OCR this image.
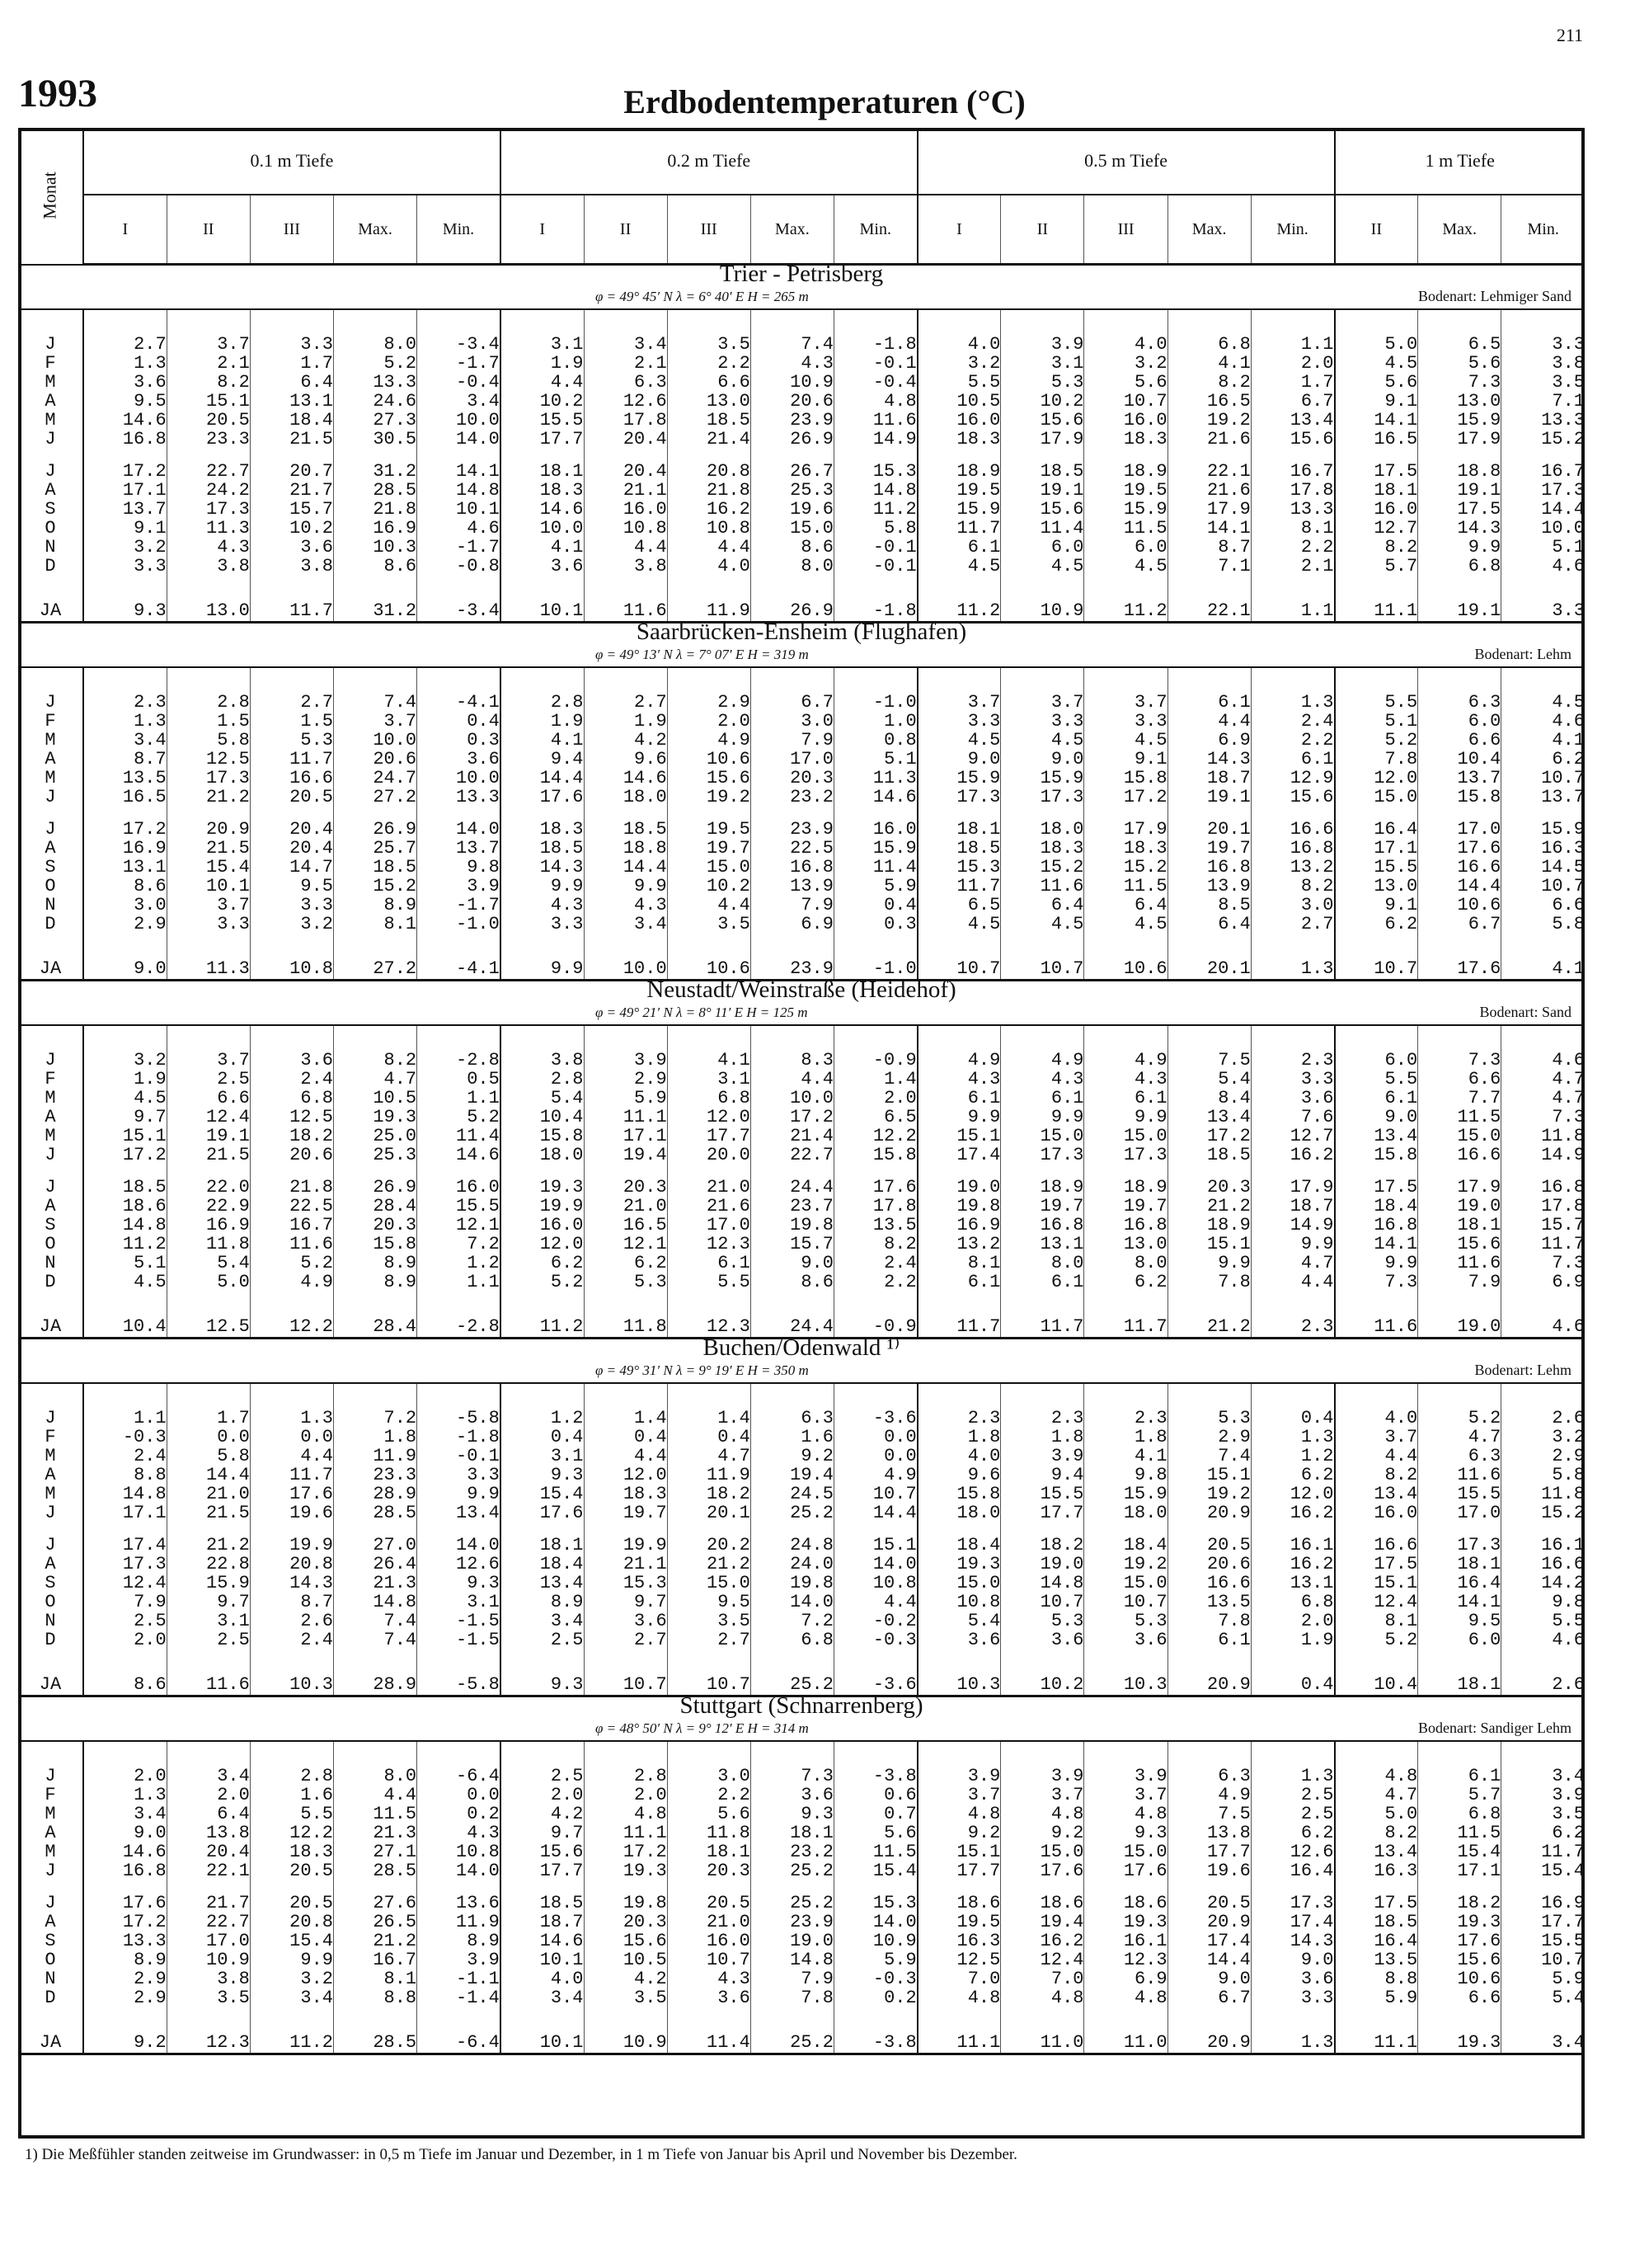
211
1993	Erdbodentemperaturen (°C)
Monat	0.1 m Tiefe					0.2 m Tiefe					0.5 m Tiefe					1 m Tiefe		
	I	II	III	Max.	Min.	I	II	III	Max.	Min.	I	II	III	Max.	Min.	II	Max.	Min.
Trier - Petrisberg																		

φ = 49° 45′ N λ = 6° 40′ E H = 265 m Bodenart: Lehmiger Sand																		

J	2.7	3.7	3.3	8.0	-3.4	3.1	3.4	3.5	7.4	-1.8	4.0	3.9	4.0	6.8	1.1	5.0	6.5	3.3
F	1.3	2.1	1.7	5.2	-1.7	1.9	2.1	2.2	4.3	-0.1	3.2	3.1	3.2	4.1	2.0	4.5	5.6	3.8
M	3.6	8.2	6.4	13.3	-0.4	4.4	6.3	6.6	10.9	-0.4	5.5	5.3	5.6	8.2	1.7	5.6	7.3	3.5
A	9.5	15.1	13.1	24.6	3.4	10.2	12.6	13.0	20.6	4.8	10.5	10.2	10.7	16.5	6.7	9.1	13.0	7.1
M	14.6	20.5	18.4	27.3	10.0	15.5	17.8	18.5	23.9	11.6	16.0	15.6	16.0	19.2	13.4	14.1	15.9	13.3
J	16.8	23.3	21.5	30.5	14.0	17.7	20.4	21.4	26.9	14.9	18.3	17.9	18.3	21.6	15.6	16.5	17.9	15.2

J	17.2	22.7	20.7	31.2	14.1	18.1	20.4	20.8	26.7	15.3	18.9	18.5	18.9	22.1	16.7	17.5	18.8	16.7
A	17.1	24.2	21.7	28.5	14.8	18.3	21.1	21.8	25.3	14.8	19.5	19.1	19.5	21.6	17.8	18.1	19.1	17.3
S	13.7	17.3	15.7	21.8	10.1	14.6	16.0	16.2	19.6	11.2	15.9	15.6	15.9	17.9	13.3	16.0	17.5	14.4
O	9.1	11.3	10.2	16.9	4.6	10.0	10.8	10.8	15.0	5.8	11.7	11.4	11.5	14.1	8.1	12.7	14.3	10.0
N	3.2	4.3	3.6	10.3	-1.7	4.1	4.4	4.4	8.6	-0.1	6.1	6.0	6.0	8.7	2.2	8.2	9.9	5.1
D	3.3	3.8	3.8	8.6	-0.8	3.6	3.8	4.0	8.0	-0.1	4.5	4.5	4.5	7.1	2.1	5.7	6.8	4.6
JA	9.3	13.0	11.7	31.2	-3.4	10.1	11.6	11.9	26.9	-1.8	11.2	10.9	11.2	22.1	1.1	11.1	19.1	3.3
Saarbrücken-Ensheim (Flughafen)																		

φ = 49° 13′ N λ = 7° 07′ E H = 319 m Bodenart: Lehm																		

J	2.3	2.8	2.7	7.4	-4.1	2.8	2.7	2.9	6.7	-1.0	3.7	3.7	3.7	6.1	1.3	5.5	6.3	4.5
F	1.3	1.5	1.5	3.7	0.4	1.9	1.9	2.0	3.0	1.0	3.3	3.3	3.3	4.4	2.4	5.1	6.0	4.6
M	3.4	5.8	5.3	10.0	0.3	4.1	4.2	4.9	7.9	0.8	4.5	4.5	4.5	6.9	2.2	5.2	6.6	4.1
A	8.7	12.5	11.7	20.6	3.6	9.4	9.6	10.6	17.0	5.1	9.0	9.0	9.1	14.3	6.1	7.8	10.4	6.2
M	13.5	17.3	16.6	24.7	10.0	14.4	14.6	15.6	20.3	11.3	15.9	15.9	15.8	18.7	12.9	12.0	13.7	10.7
J	16.5	21.2	20.5	27.2	13.3	17.6	18.0	19.2	23.2	14.6	17.3	17.3	17.2	19.1	15.6	15.0	15.8	13.7

J	17.2	20.9	20.4	26.9	14.0	18.3	18.5	19.5	23.9	16.0	18.1	18.0	17.9	20.1	16.6	16.4	17.0	15.9
A	16.9	21.5	20.4	25.7	13.7	18.5	18.8	19.7	22.5	15.9	18.5	18.3	18.3	19.7	16.8	17.1	17.6	16.3
S	13.1	15.4	14.7	18.5	9.8	14.3	14.4	15.0	16.8	11.4	15.3	15.2	15.2	16.8	13.2	15.5	16.6	14.5
O	8.6	10.1	9.5	15.2	3.9	9.9	9.9	10.2	13.9	5.9	11.7	11.6	11.5	13.9	8.2	13.0	14.4	10.7
N	3.0	3.7	3.3	8.9	-1.7	4.3	4.3	4.4	7.9	0.4	6.5	6.4	6.4	8.5	3.0	9.1	10.6	6.6
D	2.9	3.3	3.2	8.1	-1.0	3.3	3.4	3.5	6.9	0.3	4.5	4.5	4.5	6.4	2.7	6.2	6.7	5.8
JA	9.0	11.3	10.8	27.2	-4.1	9.9	10.0	10.6	23.9	-1.0	10.7	10.7	10.6	20.1	1.3	10.7	17.6	4.1
Neustadt/Weinstraße (Heidehof)																		

φ = 49° 21′ N λ = 8° 11′ E H = 125 m Bodenart: Sand																		

J	3.2	3.7	3.6	8.2	-2.8	3.8	3.9	4.1	8.3	-0.9	4.9	4.9	4.9	7.5	2.3	6.0	7.3	4.6
F	1.9	2.5	2.4	4.7	0.5	2.8	2.9	3.1	4.4	1.4	4.3	4.3	4.3	5.4	3.3	5.5	6.6	4.7
M	4.5	6.6	6.8	10.5	1.1	5.4	5.9	6.8	10.0	2.0	6.1	6.1	6.1	8.4	3.6	6.1	7.7	4.7
A	9.7	12.4	12.5	19.3	5.2	10.4	11.1	12.0	17.2	6.5	9.9	9.9	9.9	13.4	7.6	9.0	11.5	7.3
M	15.1	19.1	18.2	25.0	11.4	15.8	17.1	17.7	21.4	12.2	15.1	15.0	15.0	17.2	12.7	13.4	15.0	11.8
J	17.2	21.5	20.6	25.3	14.6	18.0	19.4	20.0	22.7	15.8	17.4	17.3	17.3	18.5	16.2	15.8	16.6	14.9

J	18.5	22.0	21.8	26.9	16.0	19.3	20.3	21.0	24.4	17.6	19.0	18.9	18.9	20.3	17.9	17.5	17.9	16.8
A	18.6	22.9	22.5	28.4	15.5	19.9	21.0	21.6	23.7	17.8	19.8	19.7	19.7	21.2	18.7	18.4	19.0	17.8
S	14.8	16.9	16.7	20.3	12.1	16.0	16.5	17.0	19.8	13.5	16.9	16.8	16.8	18.9	14.9	16.8	18.1	15.7
O	11.2	11.8	11.6	15.8	7.2	12.0	12.1	12.3	15.7	8.2	13.2	13.1	13.0	15.1	9.9	14.1	15.6	11.7
N	5.1	5.4	5.2	8.9	1.2	6.2	6.2	6.1	9.0	2.4	8.1	8.0	8.0	9.9	4.7	9.9	11.6	7.3
D	4.5	5.0	4.9	8.9	1.1	5.2	5.3	5.5	8.6	2.2	6.1	6.1	6.2	7.8	4.4	7.3	7.9	6.9
JA	10.4	12.5	12.2	28.4	-2.8	11.2	11.8	12.3	24.4	-0.9	11.7	11.7	11.7	21.2	2.3	11.6	19.0	4.6
Buchen/Odenwald ¹⁾																		

φ = 49° 31′ N λ = 9° 19′ E H = 350 m Bodenart: Lehm																		

J	1.1	1.7	1.3	7.2	-5.8	1.2	1.4	1.4	6.3	-3.6	2.3	2.3	2.3	5.3	0.4	4.0	5.2	2.6
F	-0.3	0.0	0.0	1.8	-1.8	0.4	0.4	0.4	1.6	0.0	1.8	1.8	1.8	2.9	1.3	3.7	4.7	3.2
M	2.4	5.8	4.4	11.9	-0.1	3.1	4.4	4.7	9.2	0.0	4.0	3.9	4.1	7.4	1.2	4.4	6.3	2.9
A	8.8	14.4	11.7	23.3	3.3	9.3	12.0	11.9	19.4	4.9	9.6	9.4	9.8	15.1	6.2	8.2	11.6	5.8
M	14.8	21.0	17.6	28.9	9.9	15.4	18.3	18.2	24.5	10.7	15.8	15.5	15.9	19.2	12.0	13.4	15.5	11.8
J	17.1	21.5	19.6	28.5	13.4	17.6	19.7	20.1	25.2	14.4	18.0	17.7	18.0	20.9	16.2	16.0	17.0	15.2

J	17.4	21.2	19.9	27.0	14.0	18.1	19.9	20.2	24.8	15.1	18.4	18.2	18.4	20.5	16.1	16.6	17.3	16.1
A	17.3	22.8	20.8	26.4	12.6	18.4	21.1	21.2	24.0	14.0	19.3	19.0	19.2	20.6	16.2	17.5	18.1	16.6
S	12.4	15.9	14.3	21.3	9.3	13.4	15.3	15.0	19.8	10.8	15.0	14.8	15.0	16.6	13.1	15.1	16.4	14.2
O	7.9	9.7	8.7	14.8	3.1	8.9	9.7	9.5	14.0	4.4	10.8	10.7	10.7	13.5	6.8	12.4	14.1	9.8
N	2.5	3.1	2.6	7.4	-1.5	3.4	3.6	3.5	7.2	-0.2	5.4	5.3	5.3	7.8	2.0	8.1	9.5	5.5
D	2.0	2.5	2.4	7.4	-1.5	2.5	2.7	2.7	6.8	-0.3	3.6	3.6	3.6	6.1	1.9	5.2	6.0	4.6
JA	8.6	11.6	10.3	28.9	-5.8	9.3	10.7	10.7	25.2	-3.6	10.3	10.2	10.3	20.9	0.4	10.4	18.1	2.6
Stuttgart (Schnarrenberg)																		

φ = 48° 50′ N λ = 9° 12′ E H = 314 m Bodenart: Sandiger Lehm																		

J	2.0	3.4	2.8	8.0	-6.4	2.5	2.8	3.0	7.3	-3.8	3.9	3.9	3.9	6.3	1.3	4.8	6.1	3.4
F	1.3	2.0	1.6	4.4	0.0	2.0	2.0	2.2	3.6	0.6	3.7	3.7	3.7	4.9	2.5	4.7	5.7	3.9
M	3.4	6.4	5.5	11.5	0.2	4.2	4.8	5.6	9.3	0.7	4.8	4.8	4.8	7.5	2.5	5.0	6.8	3.5
A	9.0	13.8	12.2	21.3	4.3	9.7	11.1	11.8	18.1	5.6	9.2	9.2	9.3	13.8	6.2	8.2	11.5	6.2
M	14.6	20.4	18.3	27.1	10.8	15.6	17.2	18.1	23.2	11.5	15.1	15.0	15.0	17.7	12.6	13.4	15.4	11.7
J	16.8	22.1	20.5	28.5	14.0	17.7	19.3	20.3	25.2	15.4	17.7	17.6	17.6	19.6	16.4	16.3	17.1	15.4

J	17.6	21.7	20.5	27.6	13.6	18.5	19.8	20.5	25.2	15.3	18.6	18.6	18.6	20.5	17.3	17.5	18.2	16.9
A	17.2	22.7	20.8	26.5	11.9	18.7	20.3	21.0	23.9	14.0	19.5	19.4	19.3	20.9	17.4	18.5	19.3	17.7
S	13.3	17.0	15.4	21.2	8.9	14.6	15.6	16.0	19.0	10.9	16.3	16.2	16.1	17.4	14.3	16.4	17.6	15.5
O	8.9	10.9	9.9	16.7	3.9	10.1	10.5	10.7	14.8	5.9	12.5	12.4	12.3	14.4	9.0	13.5	15.6	10.7
N	2.9	3.8	3.2	8.1	-1.1	4.0	4.2	4.3	7.9	-0.3	7.0	7.0	6.9	9.0	3.6	8.8	10.6	5.9
D	2.9	3.5	3.4	8.8	-1.4	3.4	3.5	3.6	7.8	0.2	4.8	4.8	4.8	6.7	3.3	5.9	6.6	5.4
JA	9.2	12.3	11.2	28.5	-6.4	10.1	10.9	11.4	25.2	-3.8	11.1	11.0	11.0	20.9	1.3	11.1	19.3	3.4
1) Die Meßfühler standen zeitweise im Grundwasser: in 0,5 m Tiefe im Januar und Dezember, in 1 m Tiefe von Januar bis April und November bis Dezember.
